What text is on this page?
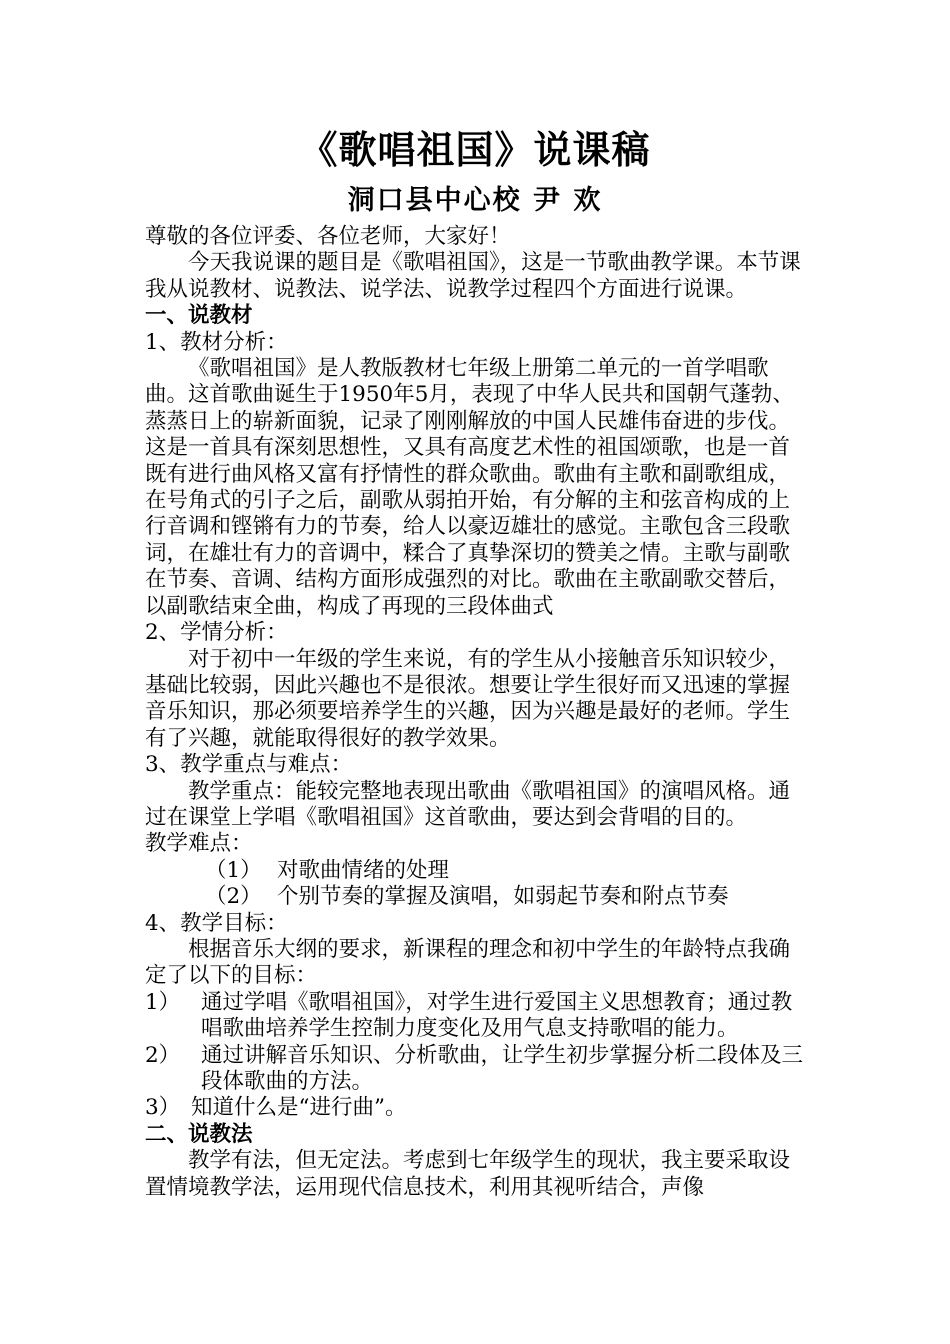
《歌唱祖国》说课稿
洞口县中心校 尹 欢

尊敬的各位评委、各位老师，大家好！

今天我说课的题目是《歌唱祖国》，这是一节歌曲教学课。本节课我从说教材、说教法、说学法、说教学过程四个方面进行说课。

一、说教材

1、教材分析：

《歌唱祖国》是人教版教材七年级上册第二单元的一首学唱歌曲。这首歌曲诞生于1950年5月，表现了中华人民共和国朝气蓬勃、蒸蒸日上的崭新面貌，记录了刚刚解放的中国人民雄伟奋进的步伐。这是一首具有深刻思想性，又具有高度艺术性的祖国颂歌，也是一首既有进行曲风格又富有抒情性的群众歌曲。歌曲有主歌和副歌组成，在号角式的引子之后，副歌从弱拍开始，有分解的主和弦音构成的上行音调和铿锵有力的节奏，给人以豪迈雄壮的感觉。主歌包含三段歌词，在雄壮有力的音调中，糅合了真挚深切的赞美之情。主歌与副歌在节奏、音调、结构方面形成强烈的对比。歌曲在主歌副歌交替后，以副歌结束全曲，构成了再现的三段体曲式

2、学情分析：

对于初中一年级的学生来说，有的学生从小接触音乐知识较少，基础比较弱，因此兴趣也不是很浓。想要让学生很好而又迅速的掌握音乐知识，那必须要培养学生的兴趣，因为兴趣是最好的老师。学生有了兴趣，就能取得很好的教学效果。

3、教学重点与难点：

教学重点：能较完整地表现出歌曲《歌唱祖国》的演唱风格。通过在课堂上学唱《歌唱祖国》这首歌曲，要达到会背唱的目的。

教学难点：

（1） 对歌曲情绪的处理

（2） 个别节奏的掌握及演唱，如弱起节奏和附点节奏

4、教学目标：

根据音乐大纲的要求，新课程的理念和初中学生的年龄特点我确定了以下的目标：

1） 通过学唱《歌唱祖国》，对学生进行爱国主义思想教育；通过教唱歌曲培养学生控制力度变化及用气息支持歌唱的能力。

2） 通过讲解音乐知识、分析歌曲，让学生初步掌握分析二段体及三段体歌曲的方法。

3） 知道什么是“进行曲”。

二、说教法

教学有法，但无定法。考虑到七年级学生的现状，我主要采取设置情境教学法，运用现代信息技术，利用其视听结合，声像
